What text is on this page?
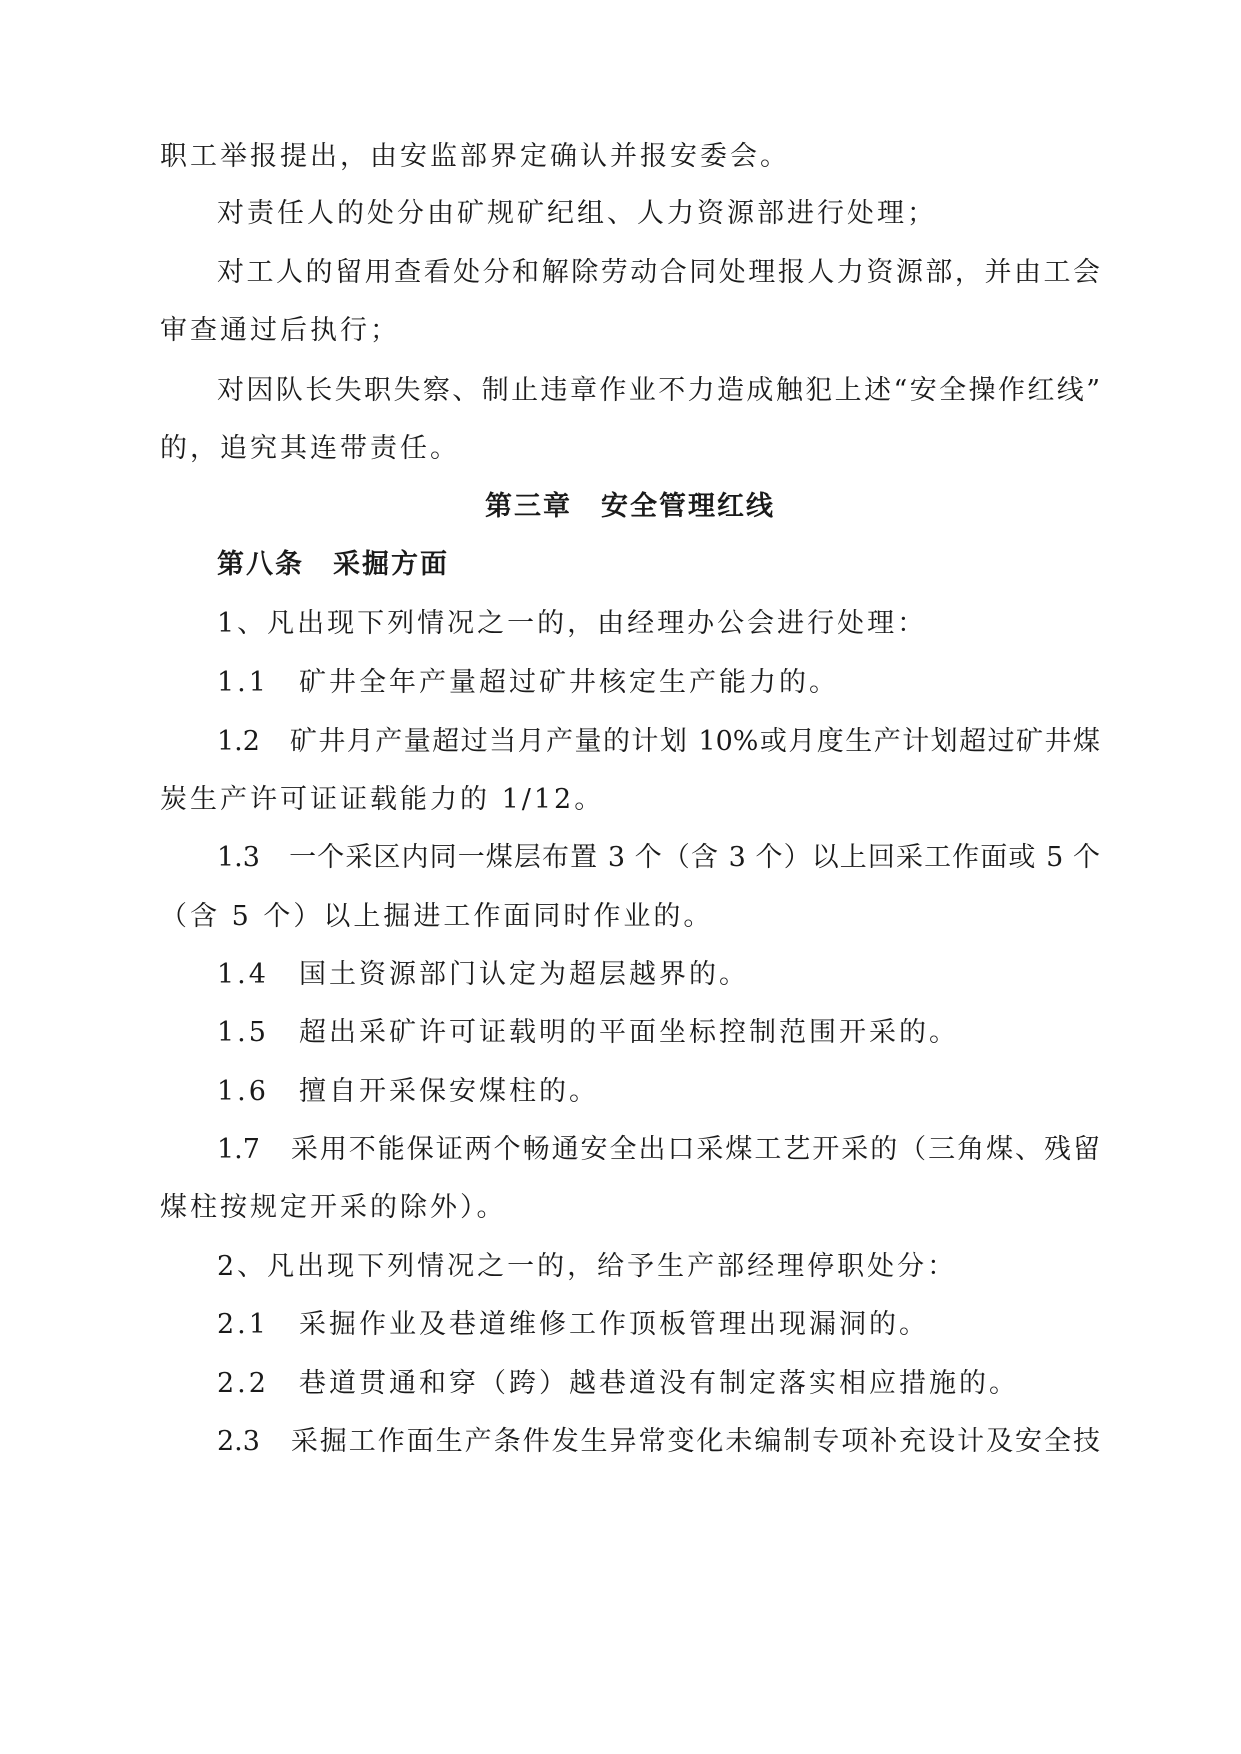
职工举报提出，由安监部界定确认并报安委会。
对责任人的处分由矿规矿纪组、人力资源部进行处理；
对工人的留用查看处分和解除劳动合同处理报人力资源部，并由工会
审查通过后执行；
对因队长失职失察、制止违章作业不力造成触犯上述“安全操作红线”
的，追究其连带责任。
第三章　安全管理红线
第八条　采掘方面
1、凡出现下列情况之一的，由经理办公会进行处理：
1.1　矿井全年产量超过矿井核定生产能力的。
1.2　矿井月产量超过当月产量的计划 10%或月度生产计划超过矿井煤
炭生产许可证证载能力的 1/12。
1.3　一个采区内同一煤层布置 3 个（含 3 个）以上回采工作面或 5 个
（含 5 个）以上掘进工作面同时作业的。
1.4　国土资源部门认定为超层越界的。
1.5　超出采矿许可证载明的平面坐标控制范围开采的。
1.6　擅自开采保安煤柱的。
1.7　采用不能保证两个畅通安全出口采煤工艺开采的（三角煤、残留
煤柱按规定开采的除外）。
2、凡出现下列情况之一的，给予生产部经理停职处分：
2.1　采掘作业及巷道维修工作顶板管理出现漏洞的。
2.2　巷道贯通和穿（跨）越巷道没有制定落实相应措施的。
2.3　采掘工作面生产条件发生异常变化未编制专项补充设计及安全技
